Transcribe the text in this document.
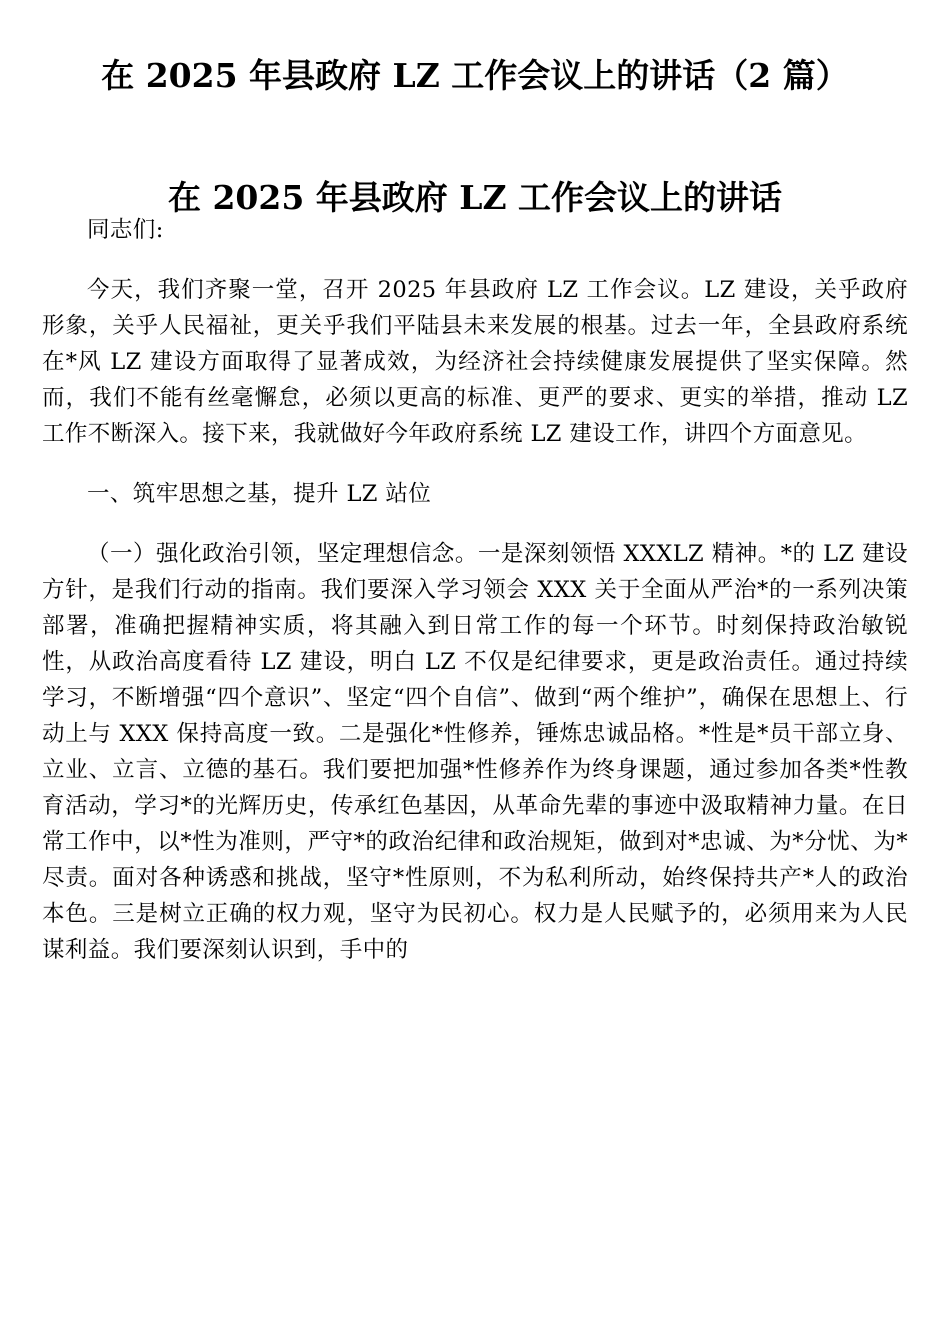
在 2025 年县政府 LZ 工作会议上的讲话（2 篇）
在 2025 年县政府 LZ 工作会议上的讲话

同志们:

今天，我们齐聚一堂，召开 2025 年县政府 LZ 工作会议。LZ 建设，关乎政府形象，关乎人民福祉，更关乎我们平陆县未来发展的根基。过去一年，全县政府系统在*风 LZ 建设方面取得了显著成效，为经济社会持续健康发展提供了坚实保障。然而，我们不能有丝毫懈怠，必须以更高的标准、更严的要求、更实的举措，推动 LZ 工作不断深入。接下来，我就做好今年政府系统 LZ 建设工作，讲四个方面意见。

一、筑牢思想之基，提升 LZ 站位

（一）强化政治引领，坚定理想信念。一是深刻领悟 XXXLZ 精神。*的 LZ 建设方针，是我们行动的指南。我们要深入学习领会 XXX 关于全面从严治*的一系列决策部署，准确把握精神实质，将其融入到日常工作的每一个环节。时刻保持政治敏锐性，从政治高度看待 LZ 建设，明白 LZ 不仅是纪律要求，更是政治责任。通过持续学习，不断增强“四个意识”、坚定“四个自信”、做到“两个维护”，确保在思想上、行动上与 XXX 保持高度一致。二是强化*性修养，锤炼忠诚品格。*性是*员干部立身、立业、立言、立德的基石。我们要把加强*性修养作为终身课题，通过参加各类*性教育活动，学习*的光辉历史，传承红色基因，从革命先辈的事迹中汲取精神力量。在日常工作中，以*性为准则，严守*的政治纪律和政治规矩，做到对*忠诚、为*分忧、为*尽责。面对各种诱惑和挑战，坚守*性原则，不为私利所动，始终保持共产*人的政治本色。三是树立正确的权力观，坚守为民初心。权力是人民赋予的，必须用来为人民谋利益。我们要深刻认识到，手中的
